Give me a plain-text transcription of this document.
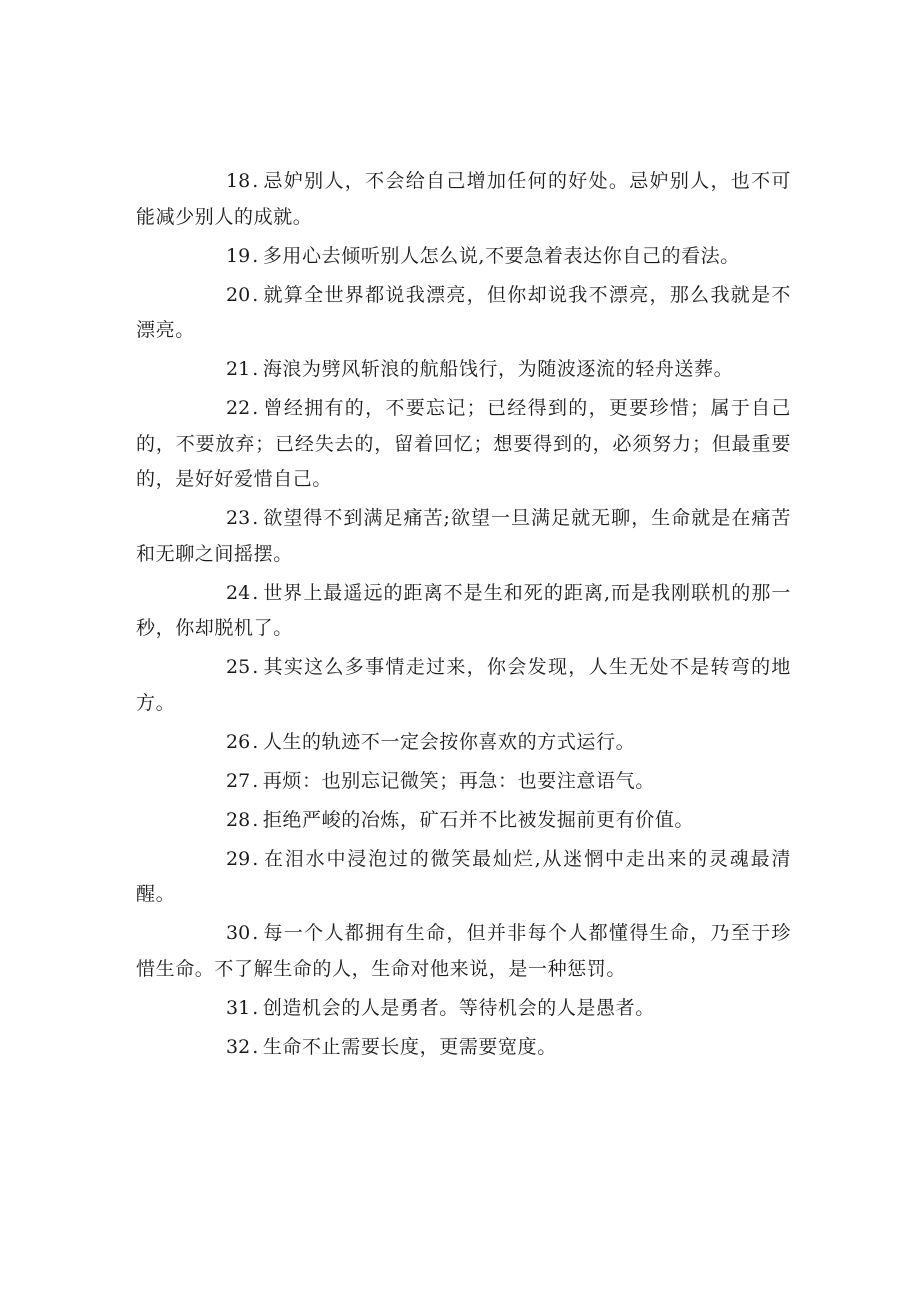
18 . 忌妒别人，不会给自己增加任何的好处。忌妒别人，也不可能减少别人的成就。

19 . 多用心去倾听别人怎么说,不要急着表达你自己的看法。

20 . 就算全世界都说我漂亮，但你却说我不漂亮，那么我就是不漂亮。

21 . 海浪为劈风斩浪的航船饯行，为随波逐流的轻舟送葬。

22 . 曾经拥有的，不要忘记；已经得到的，更要珍惜；属于自己的，不要放弃；已经失去的，留着回忆；想要得到的，必须努力；但最重要的，是好好爱惜自己。

23 . 欲望得不到满足痛苦;欲望一旦满足就无聊，生命就是在痛苦和无聊之间摇摆。

24 . 世界上最遥远的距离不是生和死的距离,而是我刚联机的那一秒，你却脱机了。

25 . 其实这么多事情走过来，你会发现，人生无处不是转弯的地方。

26 . 人生的轨迹不一定会按你喜欢的方式运行。

27 . 再烦：也别忘记微笑；再急：也要注意语气。

28 . 拒绝严峻的冶炼，矿石并不比被发掘前更有价值。

29 . 在泪水中浸泡过的微笑最灿烂,从迷惘中走出来的灵魂最清醒。

30 . 每一个人都拥有生命，但并非每个人都懂得生命，乃至于珍惜生命。不了解生命的人，生命对他来说，是一种惩罚。

31 . 创造机会的人是勇者。等待机会的人是愚者。

32 . 生命不止需要长度，更需要宽度。
